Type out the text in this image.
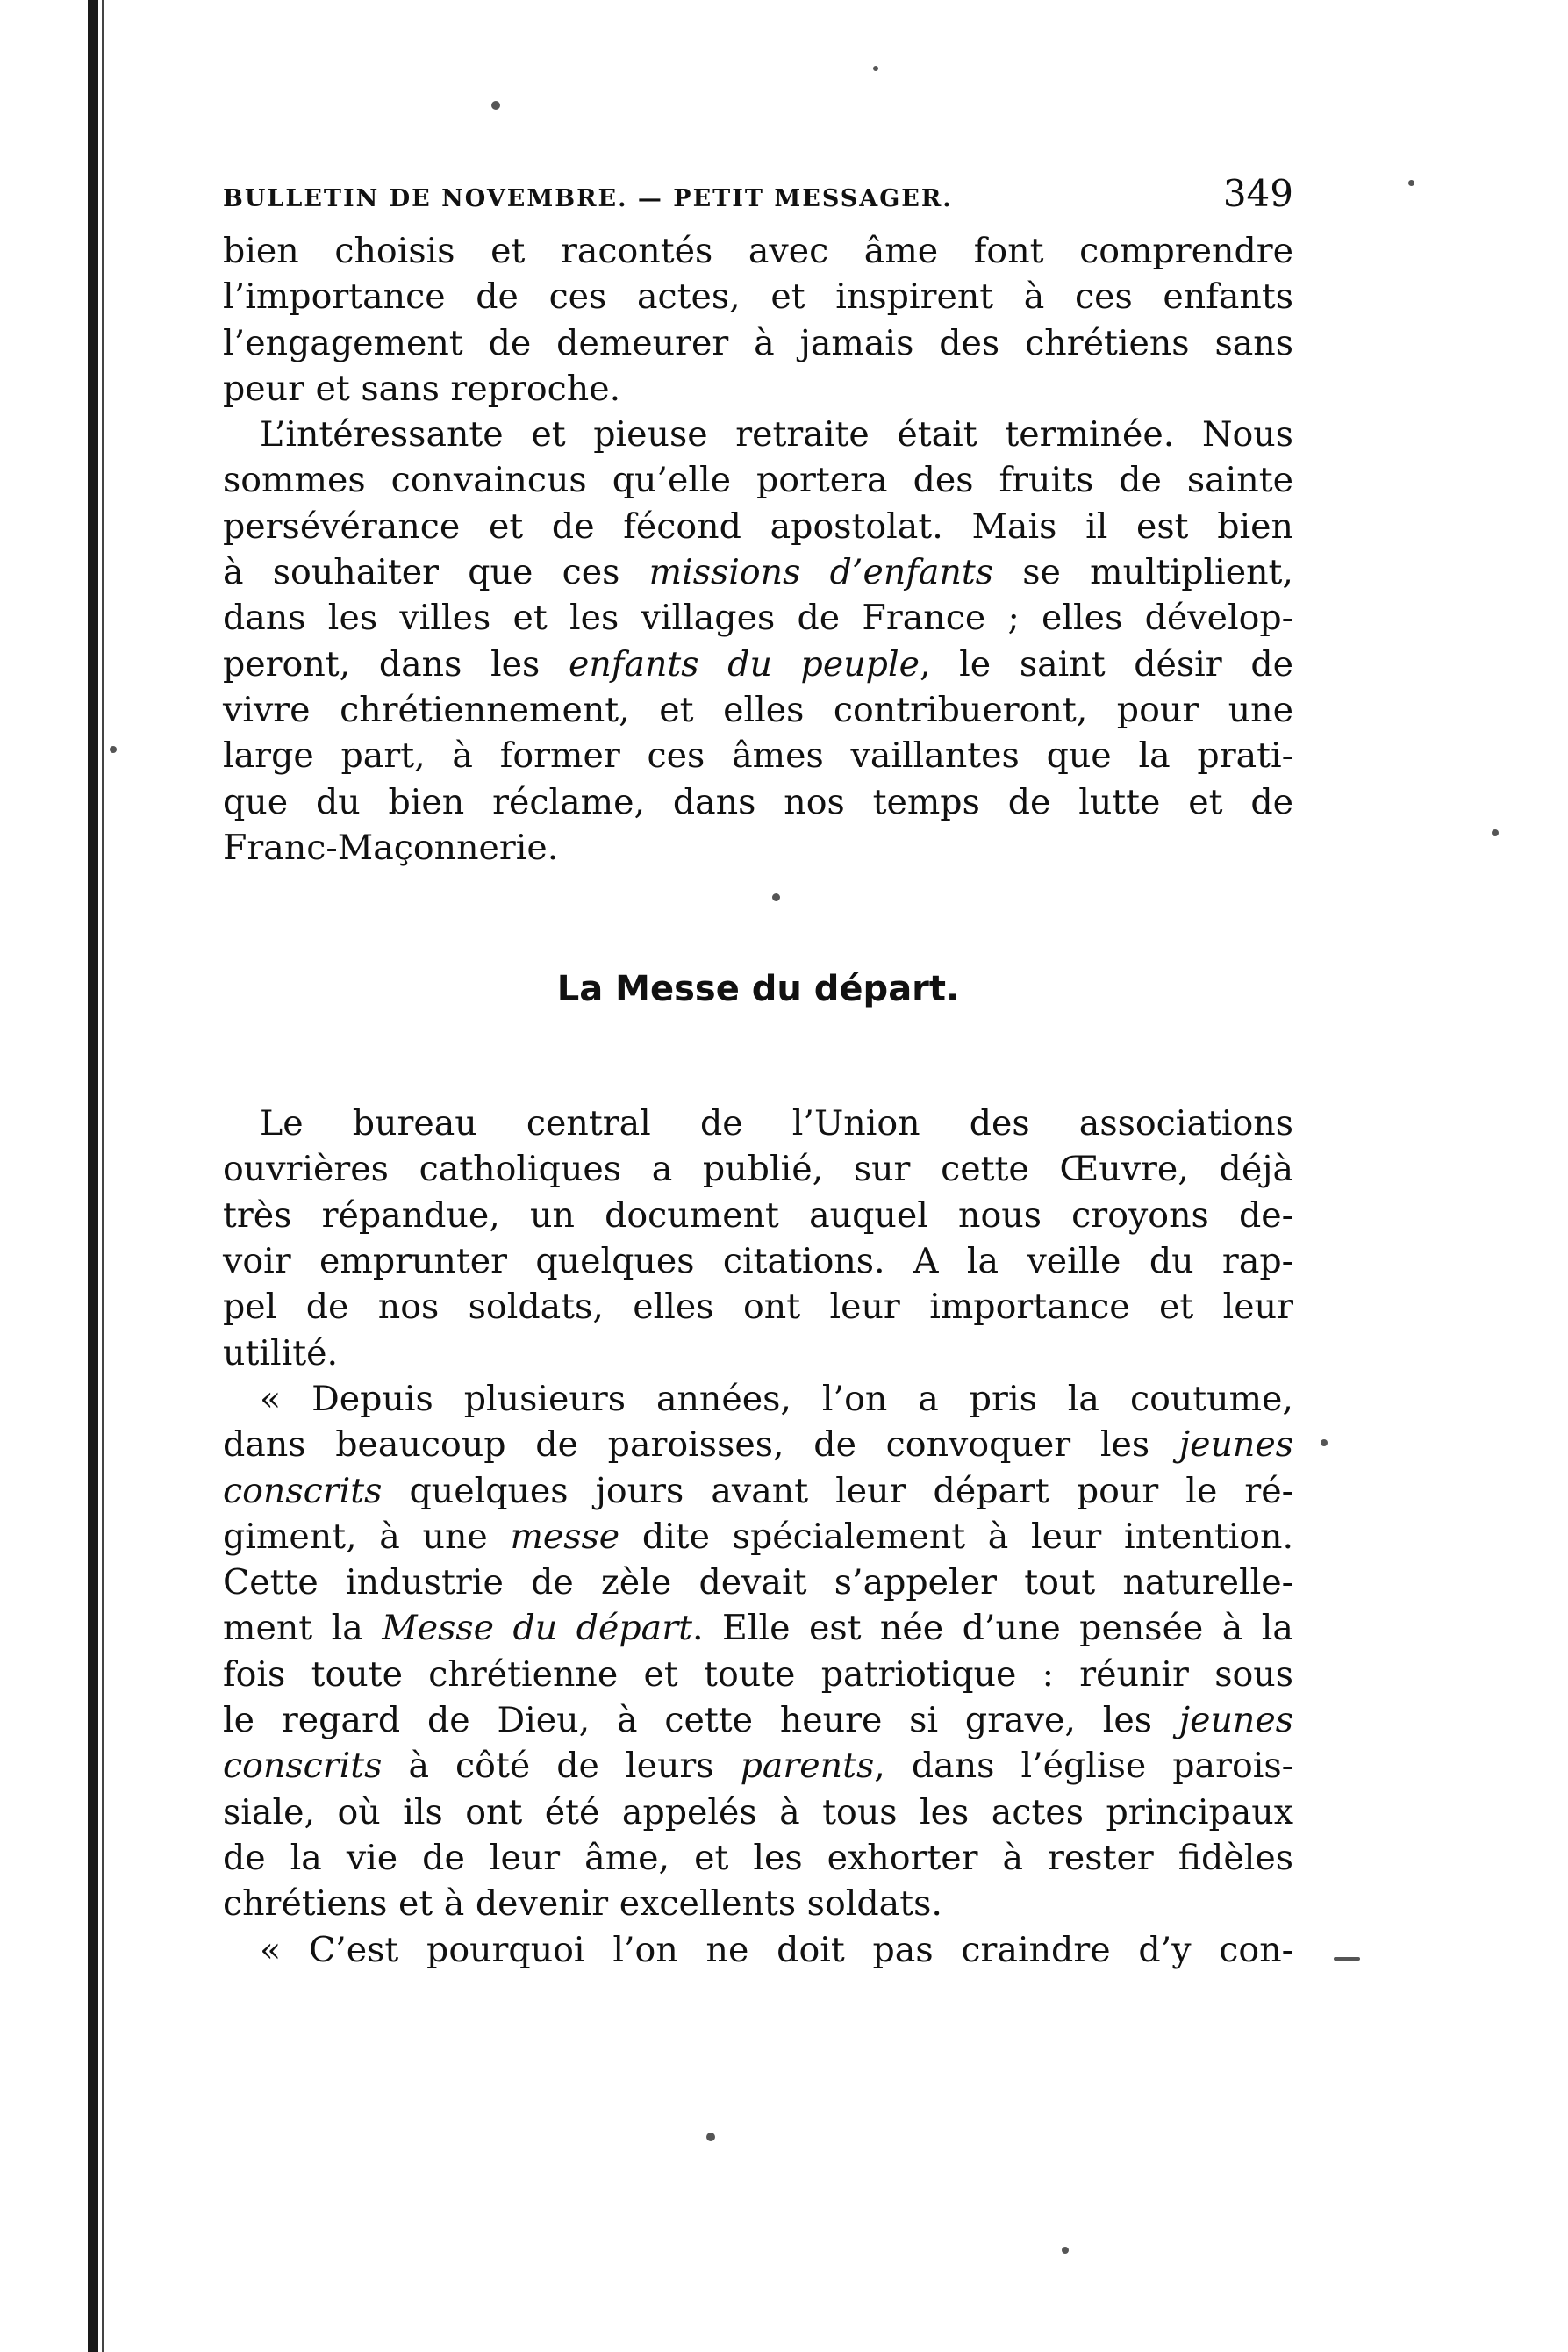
BULLETIN DE NOVEMBRE. — PETIT MESSAGER.	349
bien choisis et racontés avec âme font comprendre
l’importance de ces actes, et inspirent à ces enfants
l’engagement de demeurer à jamais des chrétiens sans
peur et sans reproche.
L’intéressante et pieuse retraite était terminée. Nous
sommes convaincus qu’elle portera des fruits de sainte
persévérance et de fécond apostolat. Mais il est bien
à souhaiter que ces missions d’enfants se multiplient,
dans les villes et les villages de France ; elles dévelop-
peront, dans les enfants du peuple, le saint désir de
vivre chrétiennement, et elles contribueront, pour une
large part, à former ces âmes vaillantes que la prati-
que du bien réclame, dans nos temps de lutte et de
Franc-Maçonnerie.
La Messe du départ.
Le bureau central de l’Union des associations
ouvrières catholiques a publié, sur cette Œuvre, déjà
très répandue, un document auquel nous croyons de-
voir emprunter quelques citations. A la veille du rap-
pel de nos soldats, elles ont leur importance et leur
utilité.
« Depuis plusieurs années, l’on a pris la coutume,
dans beaucoup de paroisses, de convoquer les jeunes
conscrits quelques jours avant leur départ pour le ré-
giment, à une messe dite spécialement à leur intention.
Cette industrie de zèle devait s’appeler tout naturelle-
ment la Messe du départ. Elle est née d’une pensée à la
fois toute chrétienne et toute patriotique : réunir sous
le regard de Dieu, à cette heure si grave, les jeunes
conscrits à côté de leurs parents, dans l’église parois-
siale, où ils ont été appelés à tous les actes principaux
de la vie de leur âme, et les exhorter à rester fidèles
chrétiens et à devenir excellents soldats.
« C’est pourquoi l’on ne doit pas craindre d’y con-
